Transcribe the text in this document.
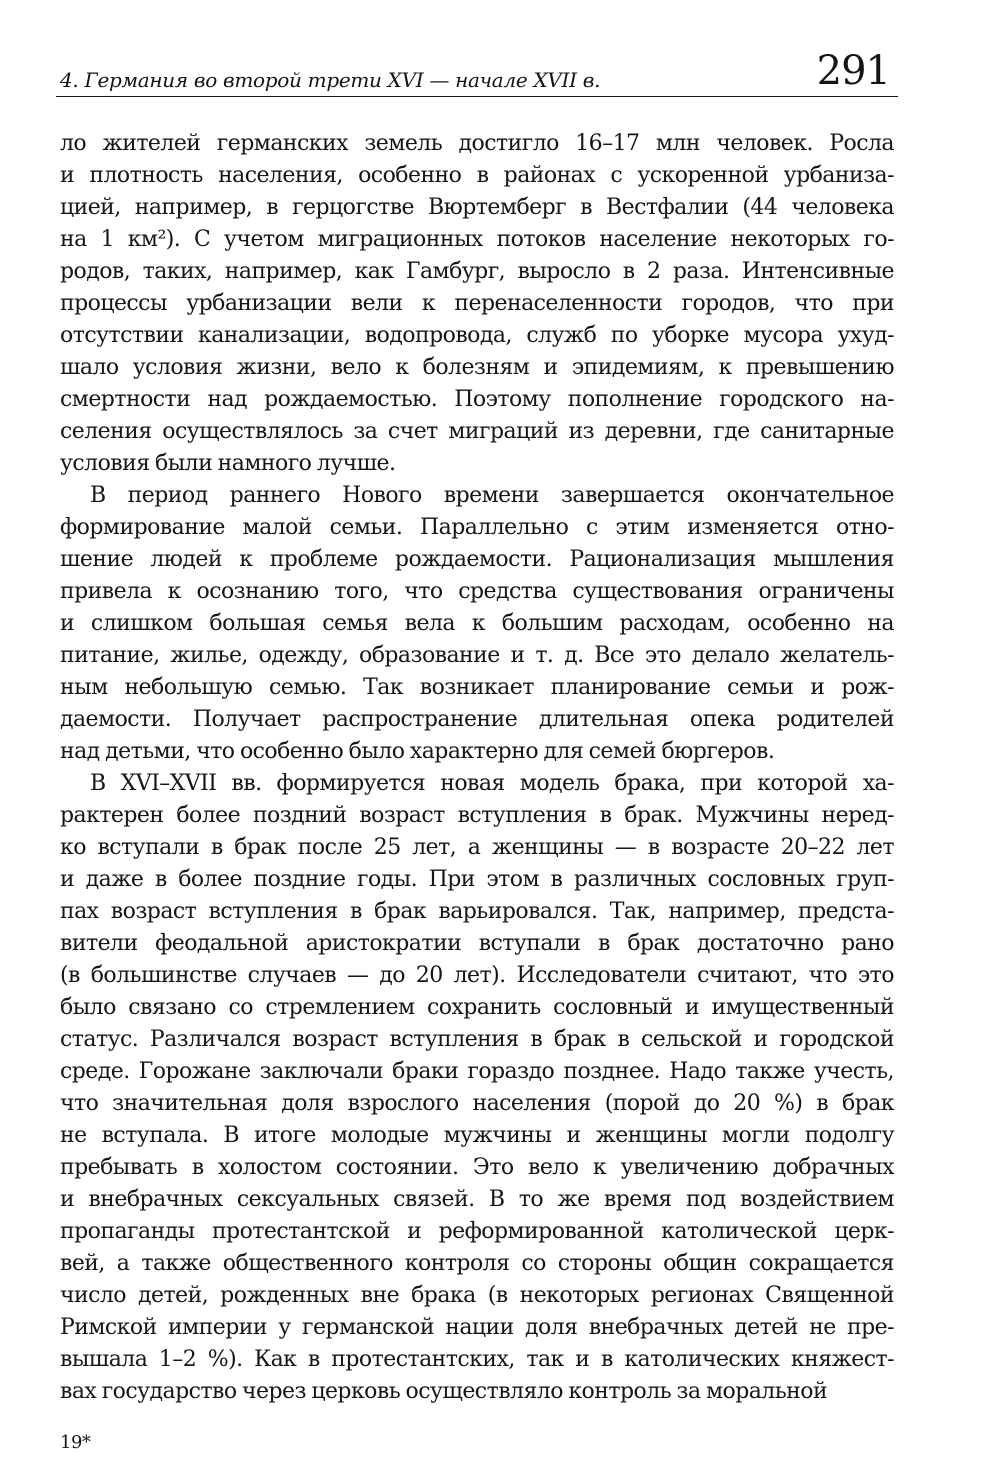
4. Германия во второй трети XVI — начале XVII в.	291
ло жителей германских земель достигло 16–17 млн человек. Росла
и плотность населения, особенно в районах с ускоренной урбаниза-
цией, например, в герцогстве Вюртемберг в Вестфалии (44 человека
на 1 км²). С учетом миграционных потоков население некоторых го-
родов, таких, например, как Гамбург, выросло в 2 раза. Интенсивные
процессы урбанизации вели к перенаселенности городов, что при
отсутствии канализации, водопровода, служб по уборке мусора ухуд-
шало условия жизни, вело к болезням и эпидемиям, к превышению
смертности над рождаемостью. Поэтому пополнение городского на-
селения осуществлялось за счет миграций из деревни, где санитарные
условия были намного лучше.
В период раннего Нового времени завершается окончательное
формирование малой семьи. Параллельно с этим изменяется отно-
шение людей к проблеме рождаемости. Рационализация мышления
привела к осознанию того, что средства существования ограничены
и слишком большая семья вела к большим расходам, особенно на
питание, жилье, одежду, образование и т. д. Все это делало желатель-
ным небольшую семью. Так возникает планирование семьи и рож-
даемости. Получает распространение длительная опека родителей
над детьми, что особенно было характерно для семей бюргеров.
В XVI–XVII вв. формируется новая модель брака, при которой ха-
рактерен более поздний возраст вступления в брак. Мужчины неред-
ко вступали в брак после 25 лет, а женщины — в возрасте 20–22 лет
и даже в более поздние годы. При этом в различных сословных груп-
пах возраст вступления в брак варьировался. Так, например, предста-
вители феодальной аристократии вступали в брак достаточно рано
(в большинстве случаев — до 20 лет). Исследователи считают, что это
было связано со стремлением сохранить сословный и имущественный
статус. Различался возраст вступления в брак в сельской и городской
среде. Горожане заключали браки гораздо позднее. Надо также учесть,
что значительная доля взрослого населения (порой до 20 %) в брак
не вступала. В итоге молодые мужчины и женщины могли подолгу
пребывать в холостом состоянии. Это вело к увеличению добрачных
и внебрачных сексуальных связей. В то же время под воздействием
пропаганды протестантской и реформированной католической церк-
вей, а также общественного контроля со стороны общин сокращается
число детей, рожденных вне брака (в некоторых регионах Священной
Римской империи у германской нации доля внебрачных детей не пре-
вышала 1–2 %). Как в протестантских, так и в католических княжест-
вах государство через церковь осуществляло контроль за моральной
19*
